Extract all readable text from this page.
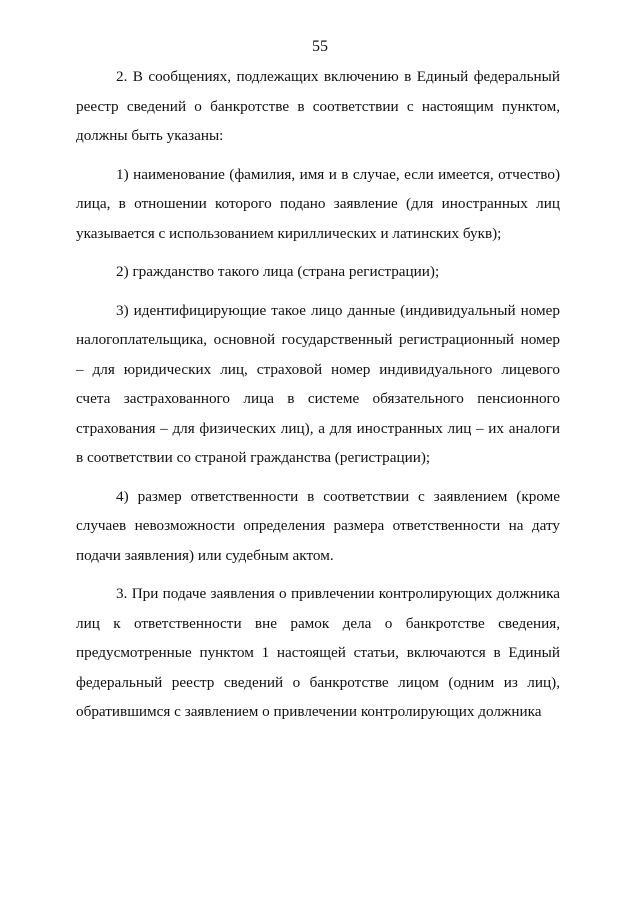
55

2. В сообщениях, подлежащих включению в Единый федеральный реестр сведений о банкротстве в соответствии с настоящим пунктом, должны быть указаны:

1) наименование (фамилия, имя и в случае, если имеется, отчество) лица, в отношении которого подано заявление (для иностранных лиц указывается с использованием кириллических и латинских букв);

2) гражданство такого лица (страна регистрации);

3) идентифицирующие такое лицо данные (индивидуальный номер налогоплательщика, основной государственный регистрационный номер – для юридических лиц, страховой номер индивидуального лицевого счета застрахованного лица в системе обязательного пенсионного страхования – для физических лиц), а для иностранных лиц – их аналоги в соответствии со страной гражданства (регистрации);

4) размер ответственности в соответствии с заявлением (кроме случаев невозможности определения размера ответственности на дату подачи заявления) или судебным актом.

3. При подаче заявления о привлечении контролирующих должника лиц к ответственности вне рамок дела о банкротстве сведения, предусмотренные пунктом 1 настоящей статьи, включаются в Единый федеральный реестр сведений о банкротстве лицом (одним из лиц), обратившимся с заявлением о привлечении контролирующих должника
